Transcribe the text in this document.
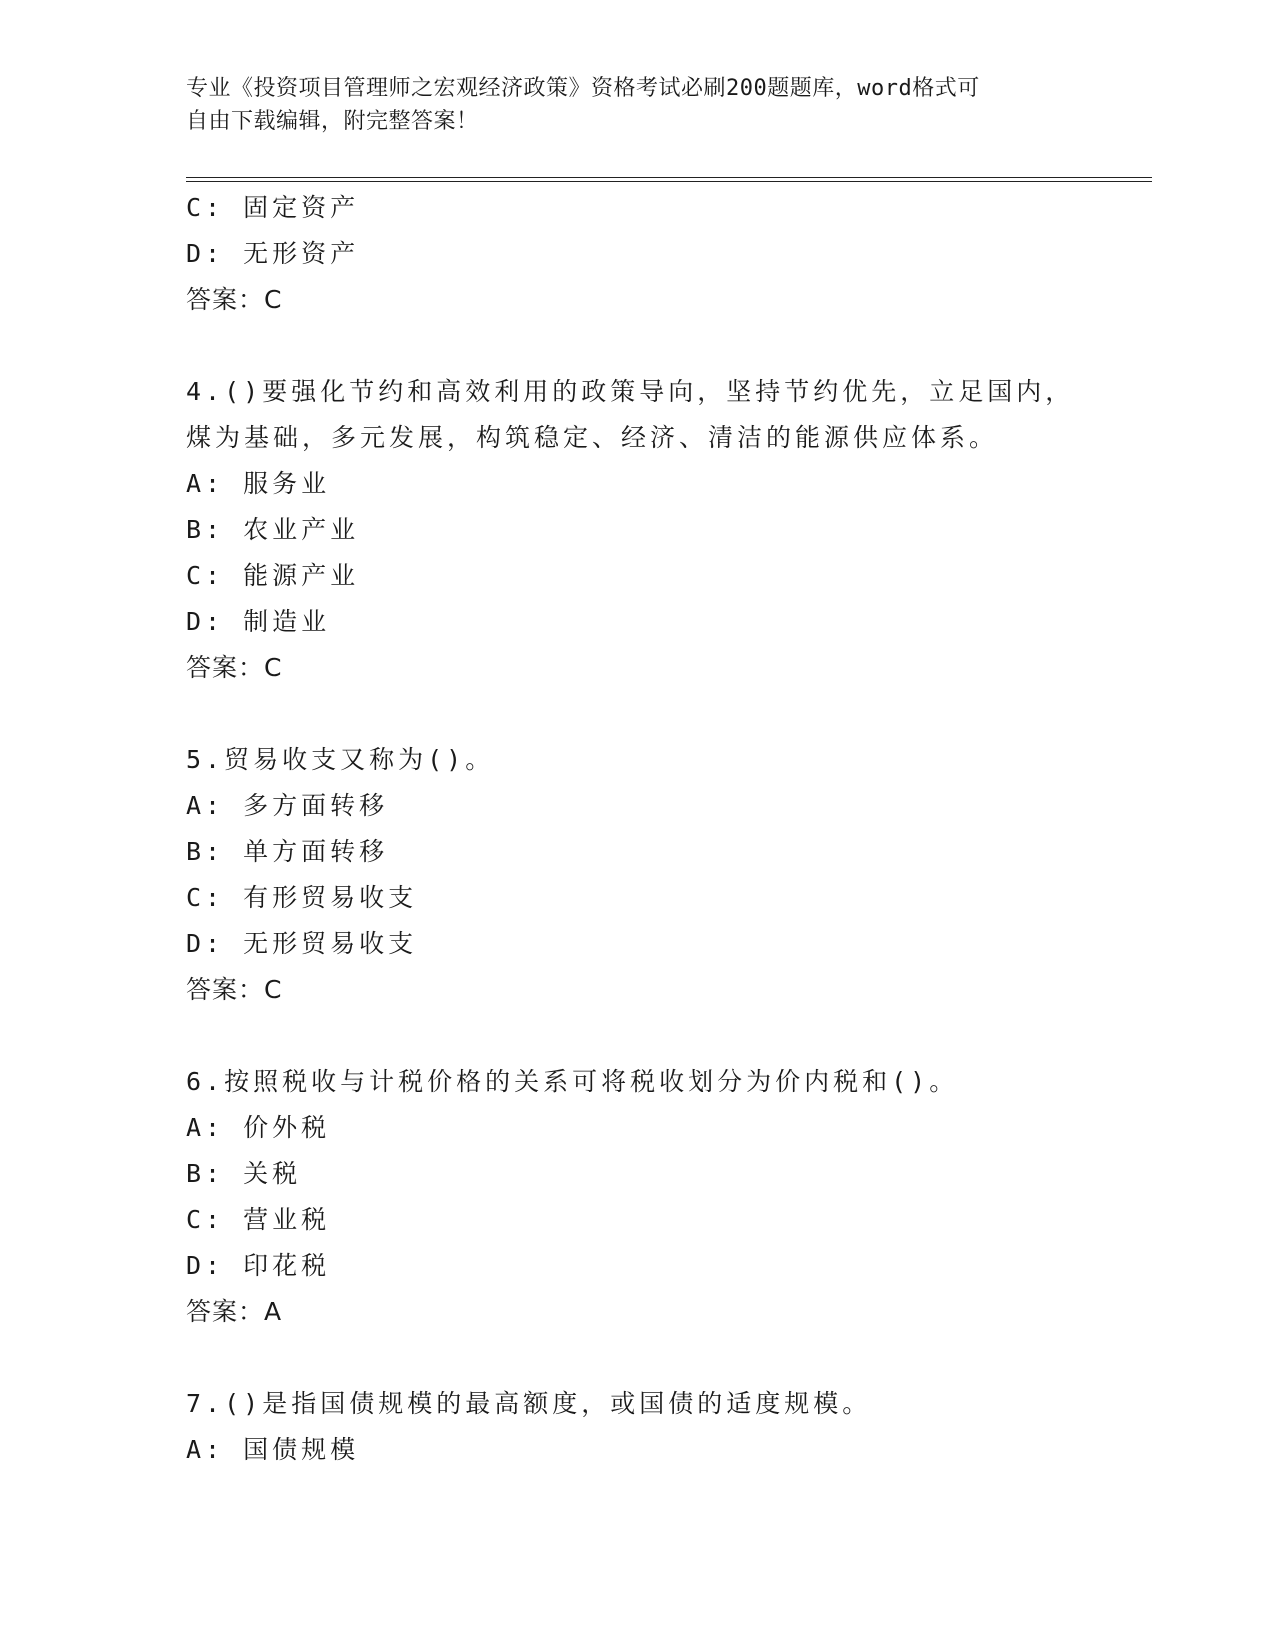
专业《投资项目管理师之宏观经济政策》资格考试必刷200题题库，word格式可
自由下载编辑，附完整答案！
C: 固定资产
D: 无形资产
答案：C
4.()要强化节约和高效利用的政策导向，坚持节约优先，立足国内，
煤为基础，多元发展，构筑稳定、经济、清洁的能源供应体系。
A: 服务业
B: 农业产业
C: 能源产业
D: 制造业
答案：C
5.贸易收支又称为()。
A: 多方面转移
B: 单方面转移
C: 有形贸易收支
D: 无形贸易收支
答案：C
6.按照税收与计税价格的关系可将税收划分为价内税和()。
A: 价外税
B: 关税
C: 营业税
D: 印花税
答案：A
7.()是指国债规模的最高额度，或国债的适度规模。
A: 国债规模
